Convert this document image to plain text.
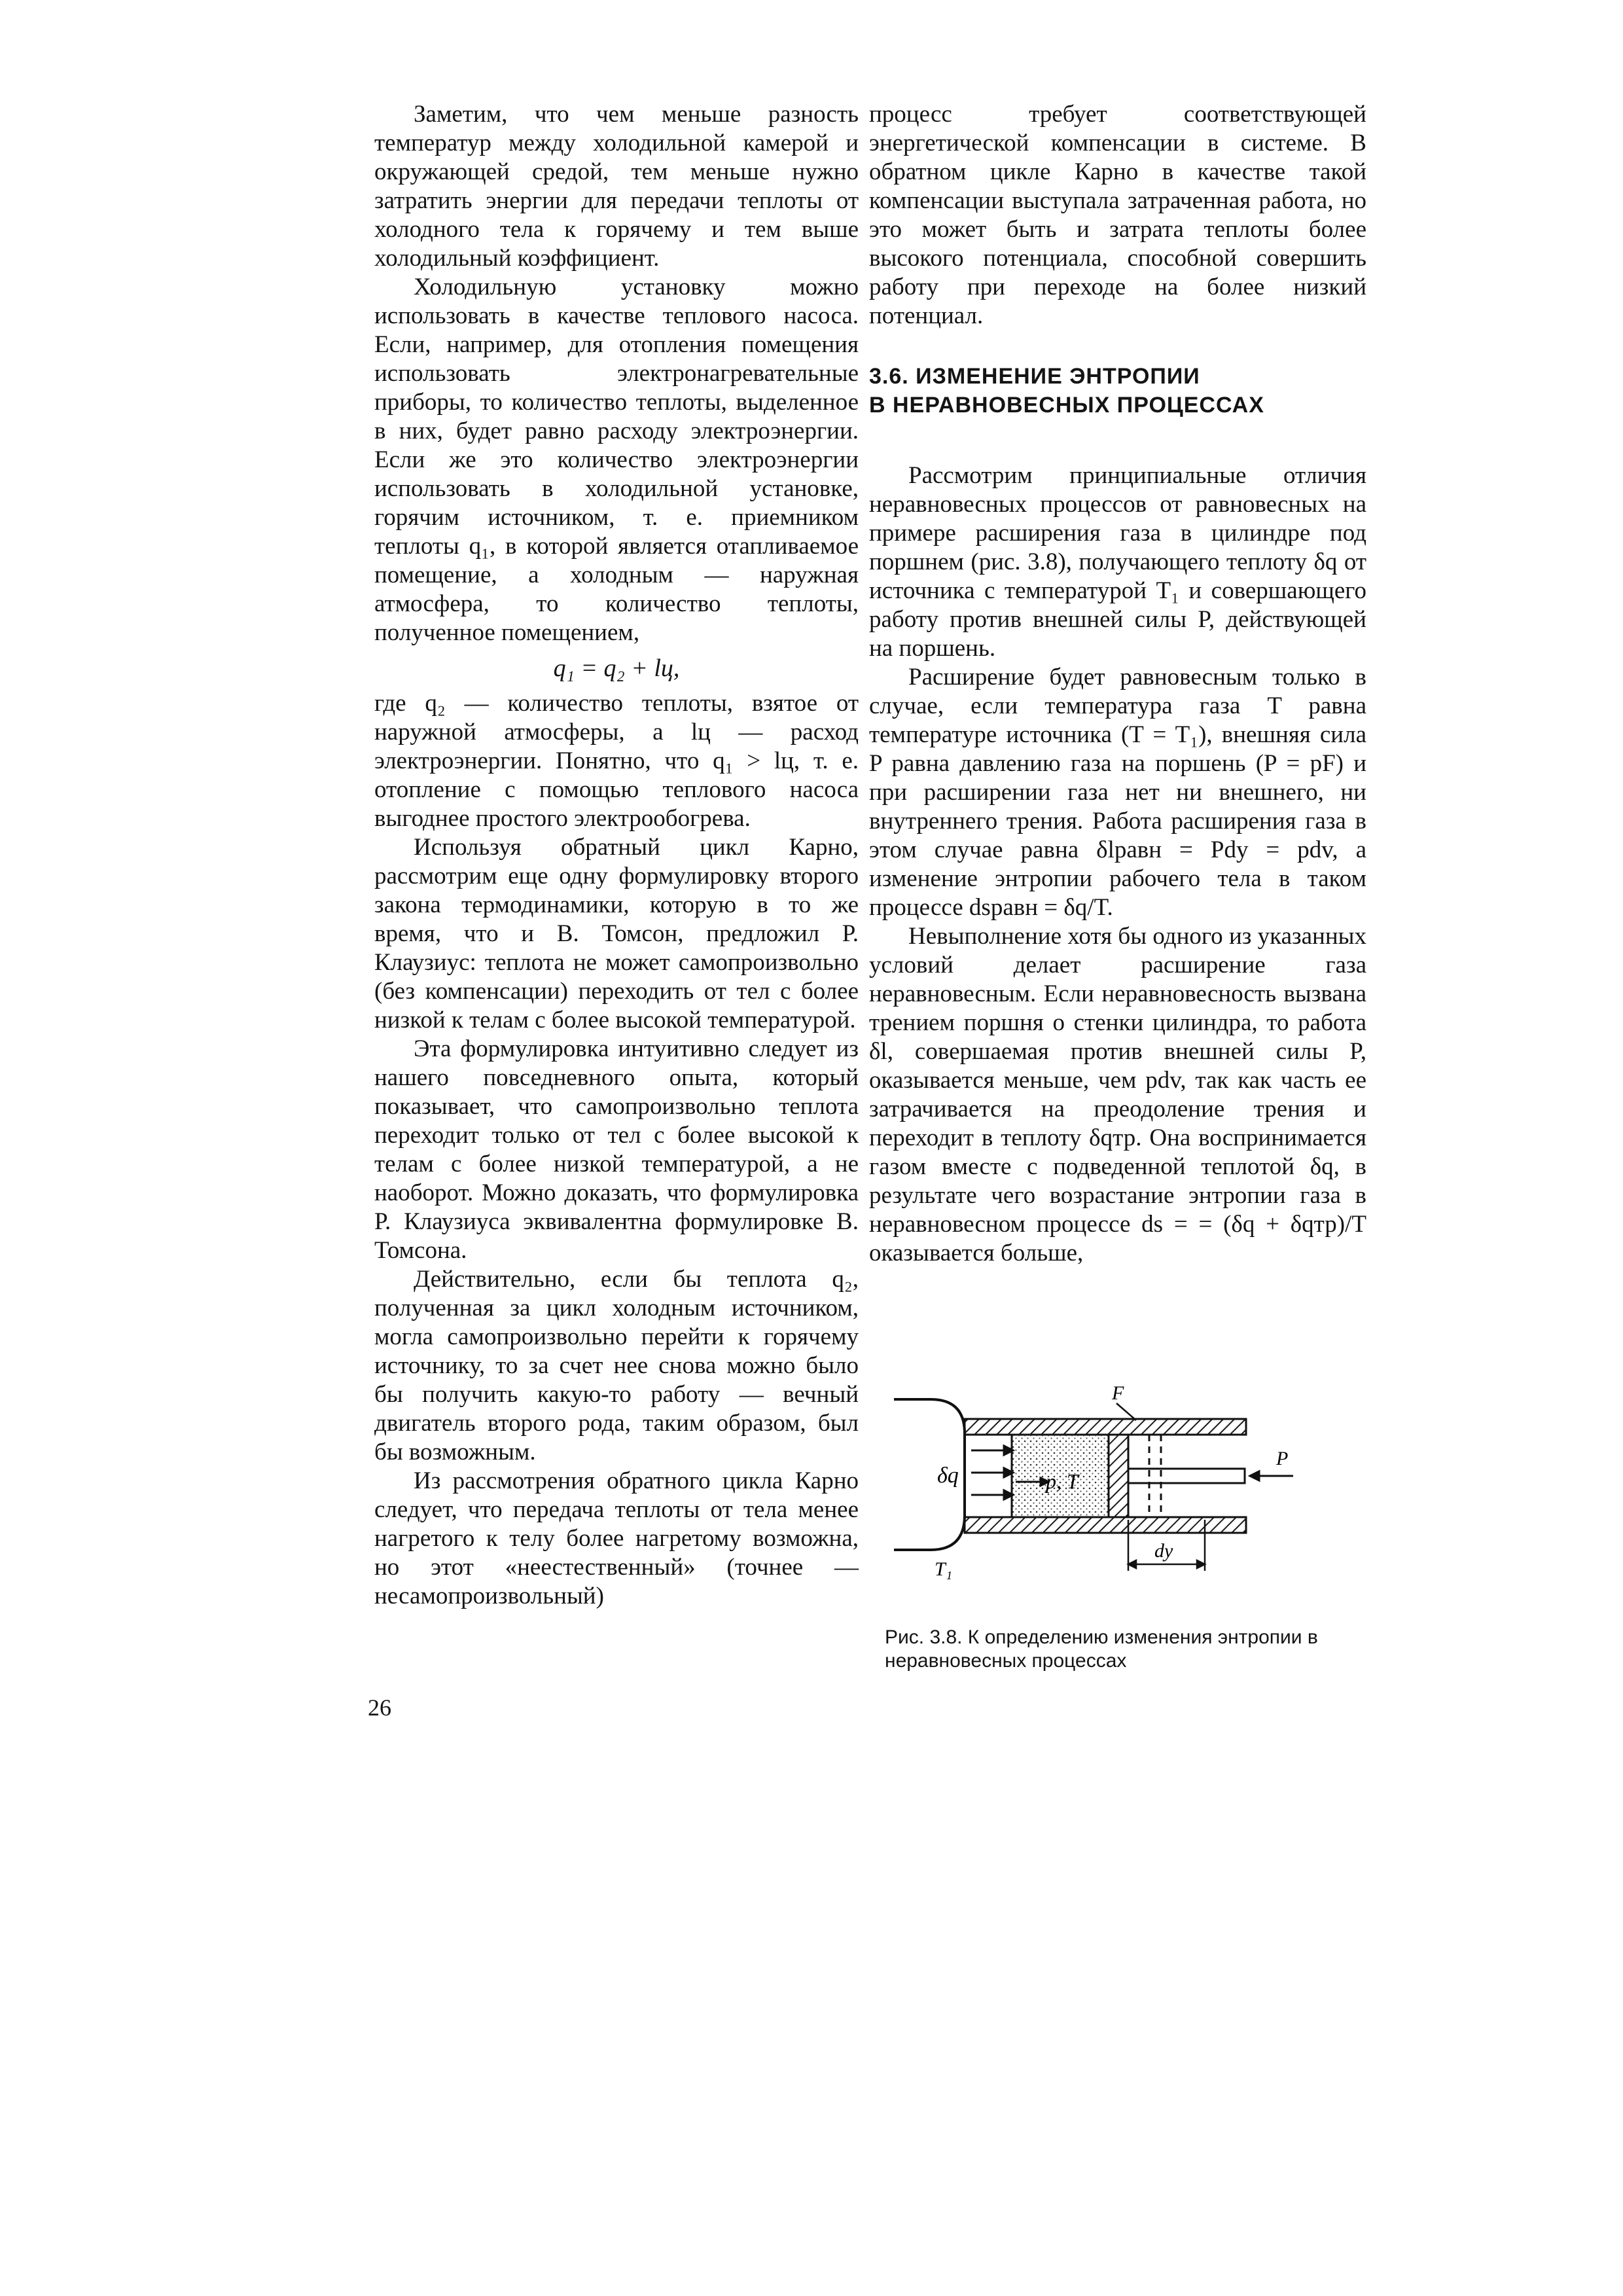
Заметим, что чем меньше разность температур между холодильной камерой и окружающей средой, тем меньше нужно затратить энергии для передачи теплоты от холодного тела к горячему и тем выше холодильный коэффициент.

Холодильную установку можно использовать в качестве теплового насоса. Если, например, для отопления помещения использовать электронагревательные приборы, то количество теплоты, выделенное в них, будет равно расходу электроэнергии. Если же это количество электроэнергии использовать в холодильной установке, горячим источником, т. е. приемником теплоты q₁, в которой является отапливаемое помещение, а холодным — наружная атмосфера, то количество теплоты, полученное помещением,

q₁ = q₂ + lц,

где q₂ — количество теплоты, взятое от наружной атмосферы, а lц — расход электроэнергии. Понятно, что q₁ > lц, т. е. отопление с помощью теплового насоса выгоднее простого электрообогрева.

Используя обратный цикл Карно, рассмотрим еще одну формулировку второго закона термодинамики, которую в то же время, что и В. Томсон, предложил Р. Клаузиус: теплота не может самопроизвольно (без компенсации) переходить от тел с более низкой к телам с более высокой температурой.

Эта формулировка интуитивно следует из нашего повседневного опыта, который показывает, что самопроизвольно теплота переходит только от тел с более высокой к телам с более низкой температурой, а не наоборот. Можно доказать, что формулировка Р. Клаузиуса эквивалентна формулировке В. Томсона.

Действительно, если бы теплота q₂, полученная за цикл холодным источником, могла самопроизвольно перейти к горячему источнику, то за счет нее снова можно было бы получить какую-то работу — вечный двигатель второго рода, таким образом, был бы возможным.

Из рассмотрения обратного цикла Карно следует, что передача теплоты от тела менее нагретого к телу более нагретому возможна, но этот «неестественный» (точнее — несамопроизвольный)

процесс требует соответствующей энергетической компенсации в системе. В обратном цикле Карно в качестве такой компенсации выступала затраченная работа, но это может быть и затрата теплоты более высокого потенциала, способной совершить работу при переходе на более низкий потенциал.

3.6. ИЗМЕНЕНИЕ ЭНТРОПИИ
В НЕРАВНОВЕСНЫХ ПРОЦЕССАХ

Рассмотрим принципиальные отличия неравновесных процессов от равновесных на примере расширения газа в цилиндре под поршнем (рис. 3.8), получающего теплоту δq от источника с температурой T₁ и совершающего работу против внешней силы P, действующей на поршень.

Расширение будет равновесным только в случае, если температура газа T равна температуре источника (T = T₁), внешняя сила P равна давлению газа на поршень (P = pF) и при расширении газа нет ни внешнего, ни внутреннего трения. Работа расширения газа в этом случае равна δlравн = Pdy = pdv, а изменение энтропии рабочего тела в таком процессе dsравн = δq/T.

Невыполнение хотя бы одного из указанных условий делает расширение газа неравновесным. Если неравновесность вызвана трением поршня о стенки цилиндра, то работа δl, совершаемая против внешней силы P, оказывается меньше, чем pdv, так как часть ее затрачивается на преодоление трения и переходит в теплоту δqтр. Она воспринимается газом вместе с подведенной теплотой δq, в результате чего возрастание энтропии газа в неравновесном процессе ds = = (δq + δqтр)/T оказывается больше,

F
P
δq	p, T
T₁
dy
Рис. 3.8. К определению изменения энтропии в неравновесных процессах
26
